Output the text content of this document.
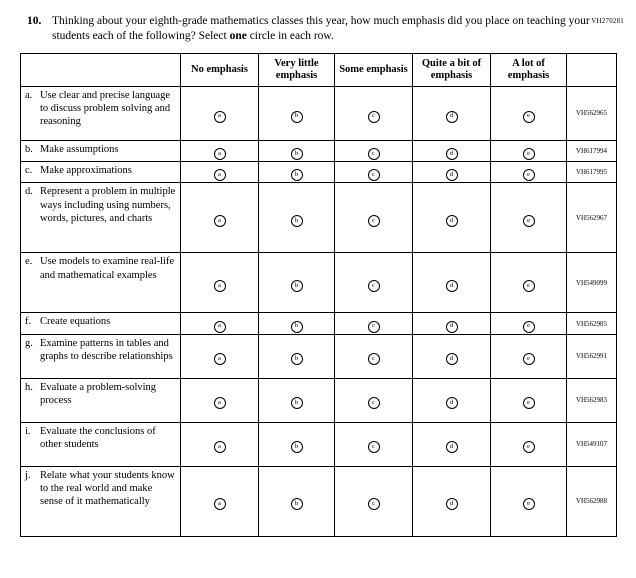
VH270281
10. Thinking about your eighth-grade mathematics classes this year, how much emphasis did you place on teaching your students each of the following? Select one circle in each row.
	No emphasis	Very little emphasis	Some emphasis	Quite a bit of emphasis	A lot of emphasis	

a. Use clear and precise language to discuss problem solving and reasoning	a	b	c	d	e	VH562965

b. Make assumptions	a	b	c	d	e	VH617994

c. Make approximations	a	b	c	d	e	VH617995

d. Represent a problem in multiple ways including using numbers, words, pictures, and charts	a	b	c	d	e	VH562967

e. Use models to examine real-life and mathematical examples	a	b	c	d	e	VH549099

f. Create equations	a	b	c	d	e	VH562985

g. Examine patterns in tables and graphs to describe relationships	a	b	c	d	e	VH562991

h. Evaluate a problem-solving process	a	b	c	d	e	VH562983

i. Evaluate the conclusions of other students	a	b	c	d	e	VH549107

j. Relate what your students know to the real world and make sense of it mathematically	a	b	c	d	e	VH562988
